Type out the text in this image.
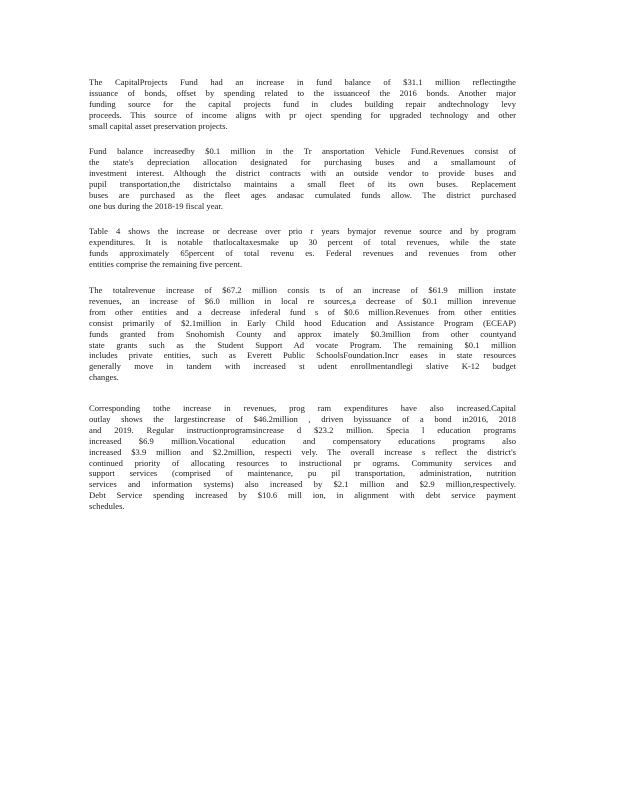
The CapitalProjects Fund had an increase in fund balance of $31.1 million reflectingthe
issuance of bonds, offset by spending related to the issuanceof the 2016 bonds. Another major
funding source for the capital projects fund in cludes building repair andtechnology levy
proceeds. This source of income aligns with pr oject spending for upgraded technology and other
small capital asset preservation projects.

Fund balance increasedby $0.1 million in the Tr ansportation Vehicle Fund.Revenues consist of
the state's depreciation allocation designated for purchasing buses and a smallamount of
investment interest. Although the district contracts with an outside vendor to provide buses and
pupil transportation,the districtalso maintains a small fleet of its own buses. Replacement
buses are purchased as the fleet ages andasac cumulated funds allow. The district purchased
one bus during the 2018-19 fiscal year.

Table 4 shows the increase or decrease over prio r years bymajor revenue source and by program
expenditures. It is notable thatlocaltaxesmake up 30 percent of total revenues, while the state
funds approximately 65percent of total revenu es. Federal revenues and revenues from other
entities comprise the remaining five percent.

The totalrevenue increase of $67.2 million consis ts of an increase of $61.9 million instate
revenues, an increase of $6.0 million in local re sources,a decrease of $0.1 million inrevenue
from other entities and a decrease infederal fund s of $0.6 million.Revenues from other entities
consist primarily of $2.1million in Early Child hood Education and Assistance Program (ECEAP)
funds granted from Snohomish County and approx imately $0.3million from other countyand
state grants such as the Student Support Ad vocate Program. The remaining $0.1 million
includes private entities, such as Everett Public SchoolsFoundation.Incr eases in state resources
generally move in tandem with increased st udent enrollmentandlegi slative K-12 budget
changes.

Corresponding tothe increase in revenues, prog ram expenditures have also increased.Capital
outlay shows the largestincrease of $46.2million , driven byissuance of a bond in2016, 2018
and 2019. Regular instructionprogramsincrease d $23.2 million. Specia l education programs
increased $6.9 million.Vocational education and compensatory educations programs also
increased $3.9 million and $2.2million, respecti vely. The overall increase s reflect the district's
continued priority of allocating resources to instructional pr ograms. Community services and
support services (comprised of maintenance, pu pil transportation, administration, nutrition
services and information systems) also increased by $2.1 million and $2.9 million,respectively.
Debt Service spending increased by $10.6 mill ion, in alignment with debt service payment
schedules.
